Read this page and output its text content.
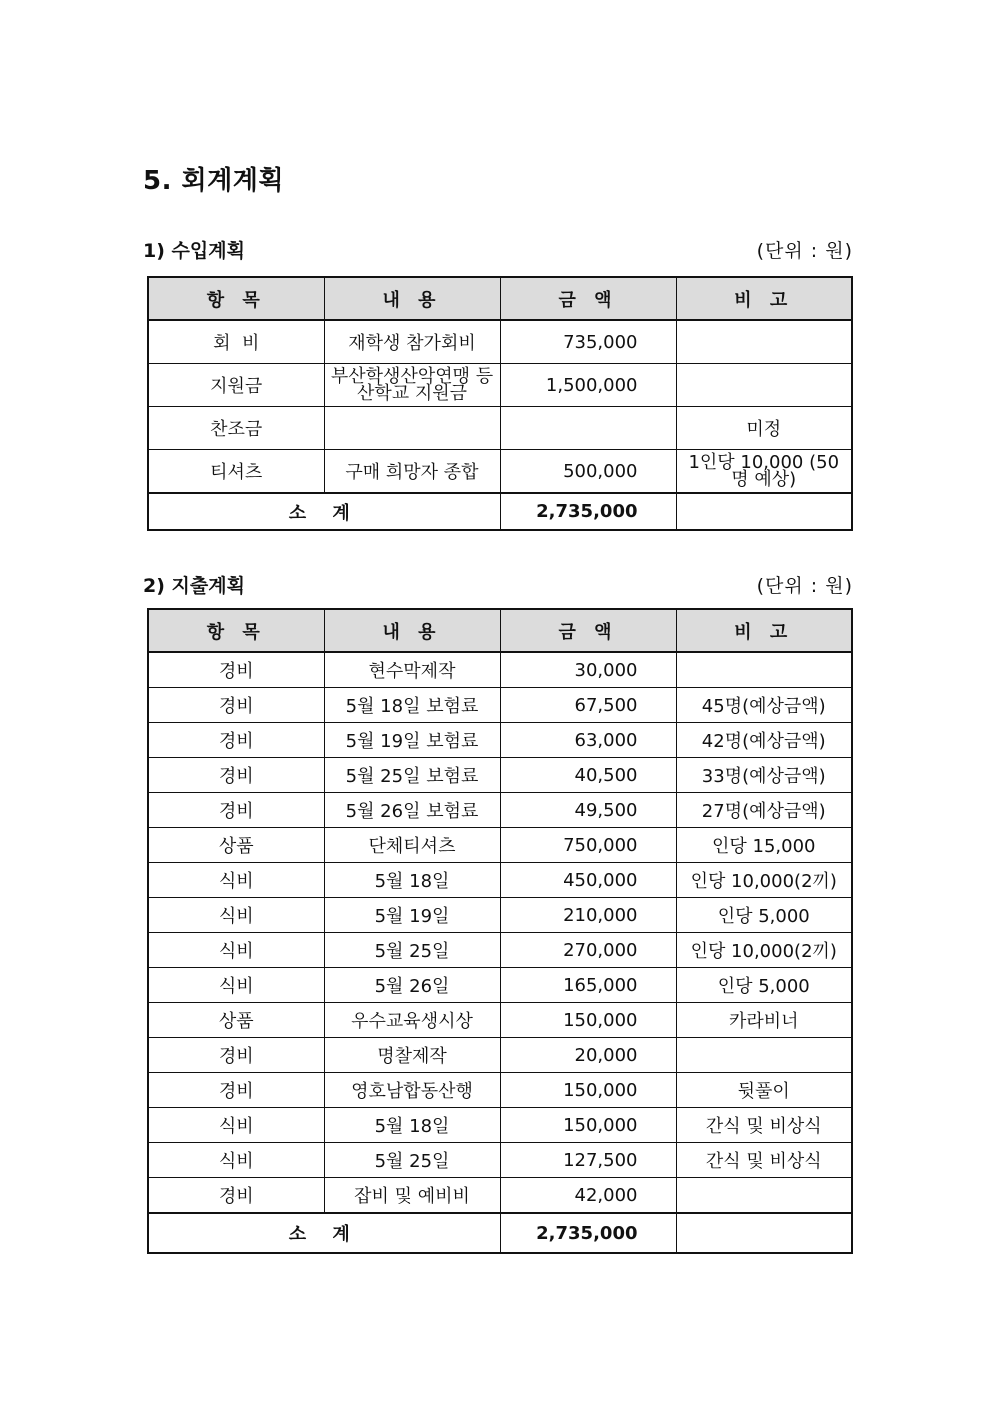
5. 회계계획
1) 수입계획	(단위 : 원)
항 목	내 용	금 액	비 고
회  비	재학생 참가회비	735,000	
지원금	부산학생산악연맹 등산학교 지원금	1,500,000	
찬조금			미정
티셔츠	구매 희망자 종합	500,000	1인당 10,000 (50명 예상)
소 계		2,735,000	
2) 지출계획	(단위 : 원)
항 목	내 용	금 액	비 고
경비	현수막제작	30,000	
경비	5월 18일 보험료	67,500	45명(예상금액)
경비	5월 19일 보험료	63,000	42명(예상금액)
경비	5월 25일 보험료	40,500	33명(예상금액)
경비	5월 26일 보험료	49,500	27명(예상금액)
상품	단체티셔츠	750,000	인당 15,000
식비	5월 18일	450,000	인당 10,000(2끼)
식비	5월 19일	210,000	인당 5,000
식비	5월 25일	270,000	인당 10,000(2끼)
식비	5월 26일	165,000	인당 5,000
상품	우수교육생시상	150,000	카라비너
경비	명찰제작	20,000	
경비	영호남합동산행	150,000	뒷풀이
식비	5월 18일	150,000	간식 및 비상식
식비	5월 25일	127,500	간식 및 비상식
경비	잡비 및 예비비	42,000	
소 계		2,735,000	
